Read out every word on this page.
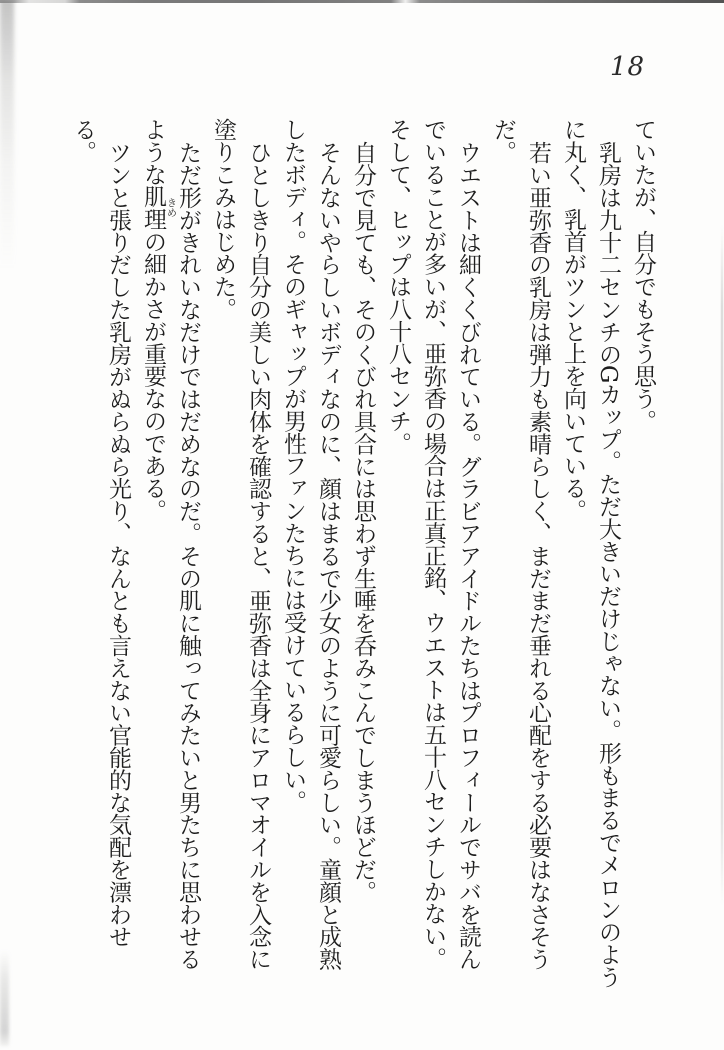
18

ていたが、自分でもそう思う。

乳房は九十二センチのGカップ。ただ大きいだけじゃない。形もまるでメロンのように丸く、乳首がツンと上を向いている。

若い亜弥香の乳房は弾力も素晴らしく、まだまだ垂れる心配をする必要はなさそうだ。

ウエストは細くくびれている。グラビアアイドルたちはプロフィールでサバを読んでいることが多いが、亜弥香の場合は正真正銘、ウエストは五十八センチしかない。そして、ヒップは八十八センチ。

自分で見ても、そのくびれ具合には思わず生唾を呑みこんでしまうほどだ。

そんないやらしいボディなのに、顔はまるで少女のように可愛らしい。童顔と成熟したボディ。そのギャップが男性ファンたちには受けているらしい。

ひとしきり自分の美しい肉体を確認すると、亜弥香は全身にアロマオイルを入念に塗りこみはじめた。

ただ形がきれいなだけではだめなのだ。その肌に触ってみたいと男たちに思わせるような肌理きめの細かさが重要なのである。

ツンと張りだした乳房がぬらぬら光り、なんとも言えない官能的な気配を漂わせる。
